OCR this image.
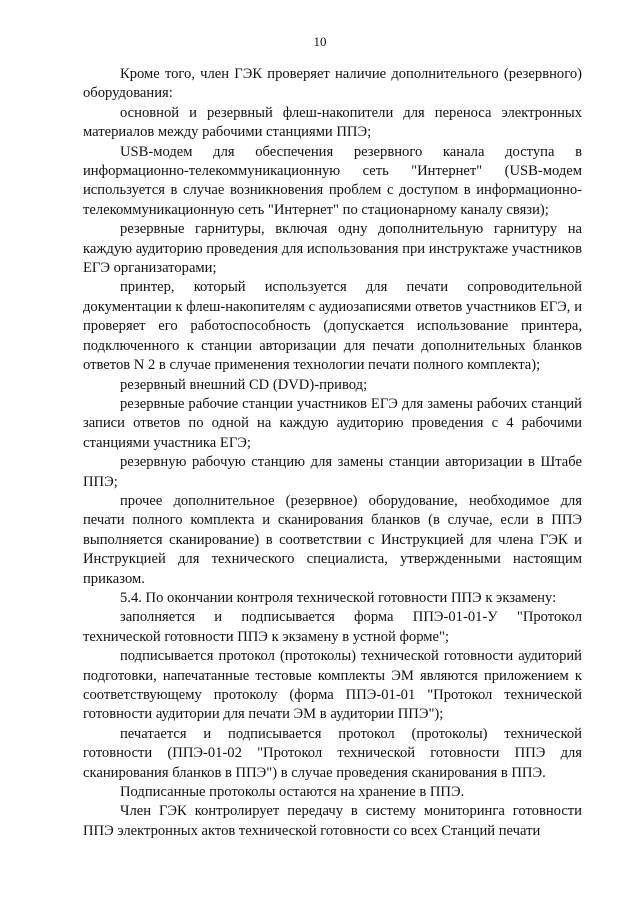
10

Кроме того, член ГЭК проверяет наличие дополнительного (резервного) оборудования:

основной и резервный флеш-накопители для переноса электронных материалов между рабочими станциями ППЭ;

USB-модем для обеспечения резервного канала доступа в информационно-телекоммуникационную сеть "Интернет" (USB-модем используется в случае возникновения проблем с доступом в информационно-телекоммуникационную сеть "Интернет" по стационарному каналу связи);

резервные гарнитуры, включая одну дополнительную гарнитуру на каждую аудиторию проведения для использования при инструктаже участников ЕГЭ организаторами;

принтер, который используется для печати сопроводительной документации к флеш-накопителям с аудиозаписями ответов участников ЕГЭ, и проверяет его работоспособность (допускается использование принтера, подключенного к станции авторизации для печати дополнительных бланков ответов N 2 в случае применения технологии печати полного комплекта);

резервный внешний CD (DVD)-привод;

резервные рабочие станции участников ЕГЭ для замены рабочих станций записи ответов по одной на каждую аудиторию проведения с 4 рабочими станциями участника ЕГЭ;

резервную рабочую станцию для замены станции авторизации в Штабе ППЭ;

прочее дополнительное (резервное) оборудование, необходимое для печати полного комплекта и сканирования бланков (в случае, если в ППЭ выполняется сканирование) в соответствии с Инструкцией для члена ГЭК и Инструкцией для технического специалиста, утвержденными настоящим приказом.

5.4. По окончании контроля технической готовности ППЭ к экзамену:

заполняется и подписывается форма ППЭ-01-01-У "Протокол технической готовности ППЭ к экзамену в устной форме";

подписывается протокол (протоколы) технической готовности аудиторий подготовки, напечатанные тестовые комплекты ЭМ являются приложением к соответствующему протоколу (форма ППЭ-01-01 "Протокол технической готовности аудитории для печати ЭМ в аудитории ППЭ");

печатается и подписывается протокол (протоколы) технической готовности (ППЭ-01-02 "Протокол технической готовности ППЭ для сканирования бланков в ППЭ") в случае проведения сканирования в ППЭ.

Подписанные протоколы остаются на хранение в ППЭ.

Член ГЭК контролирует передачу в систему мониторинга готовности ППЭ электронных актов технической готовности со всех Станций печати
